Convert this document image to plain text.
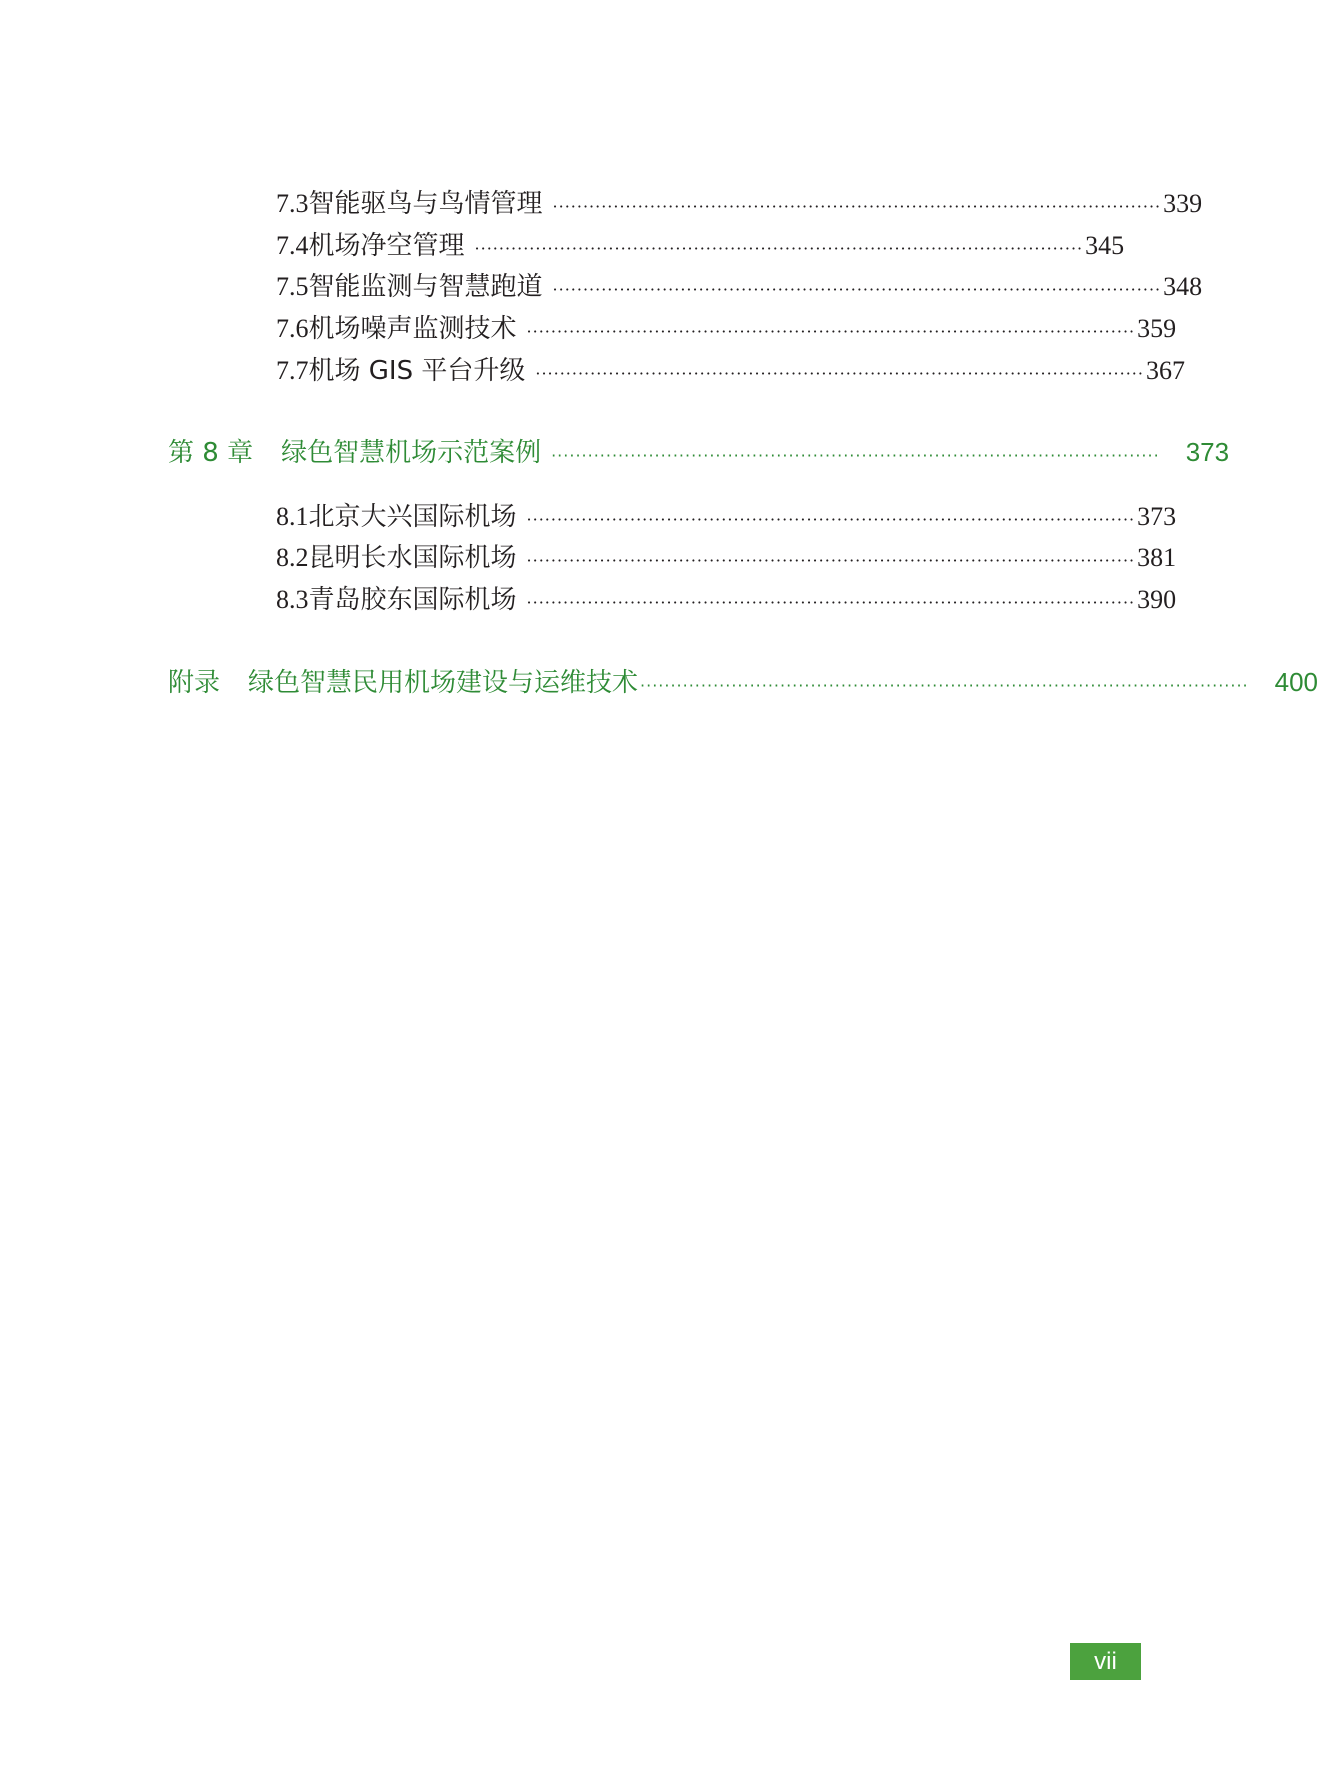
7.3 智能驱鸟与鸟情管理 ···································································································· 339
7.4 机场净空管理 ···································································································· 345
7.5 智能监测与智慧跑道 ···································································································· 348
7.6 机场噪声监测技术 ···································································································· 359
7.7 机场 GIS 平台升级 ···································································································· 367
第 8 章 绿色智慧机场示范案例 ···································································································· 373
8.1 北京大兴国际机场 ···································································································· 373
8.2 昆明长水国际机场 ···································································································· 381
8.3 青岛胶东国际机场 ···································································································· 390
附录 绿色智慧民用机场建设与运维技术 ···································································································· 400
vii
